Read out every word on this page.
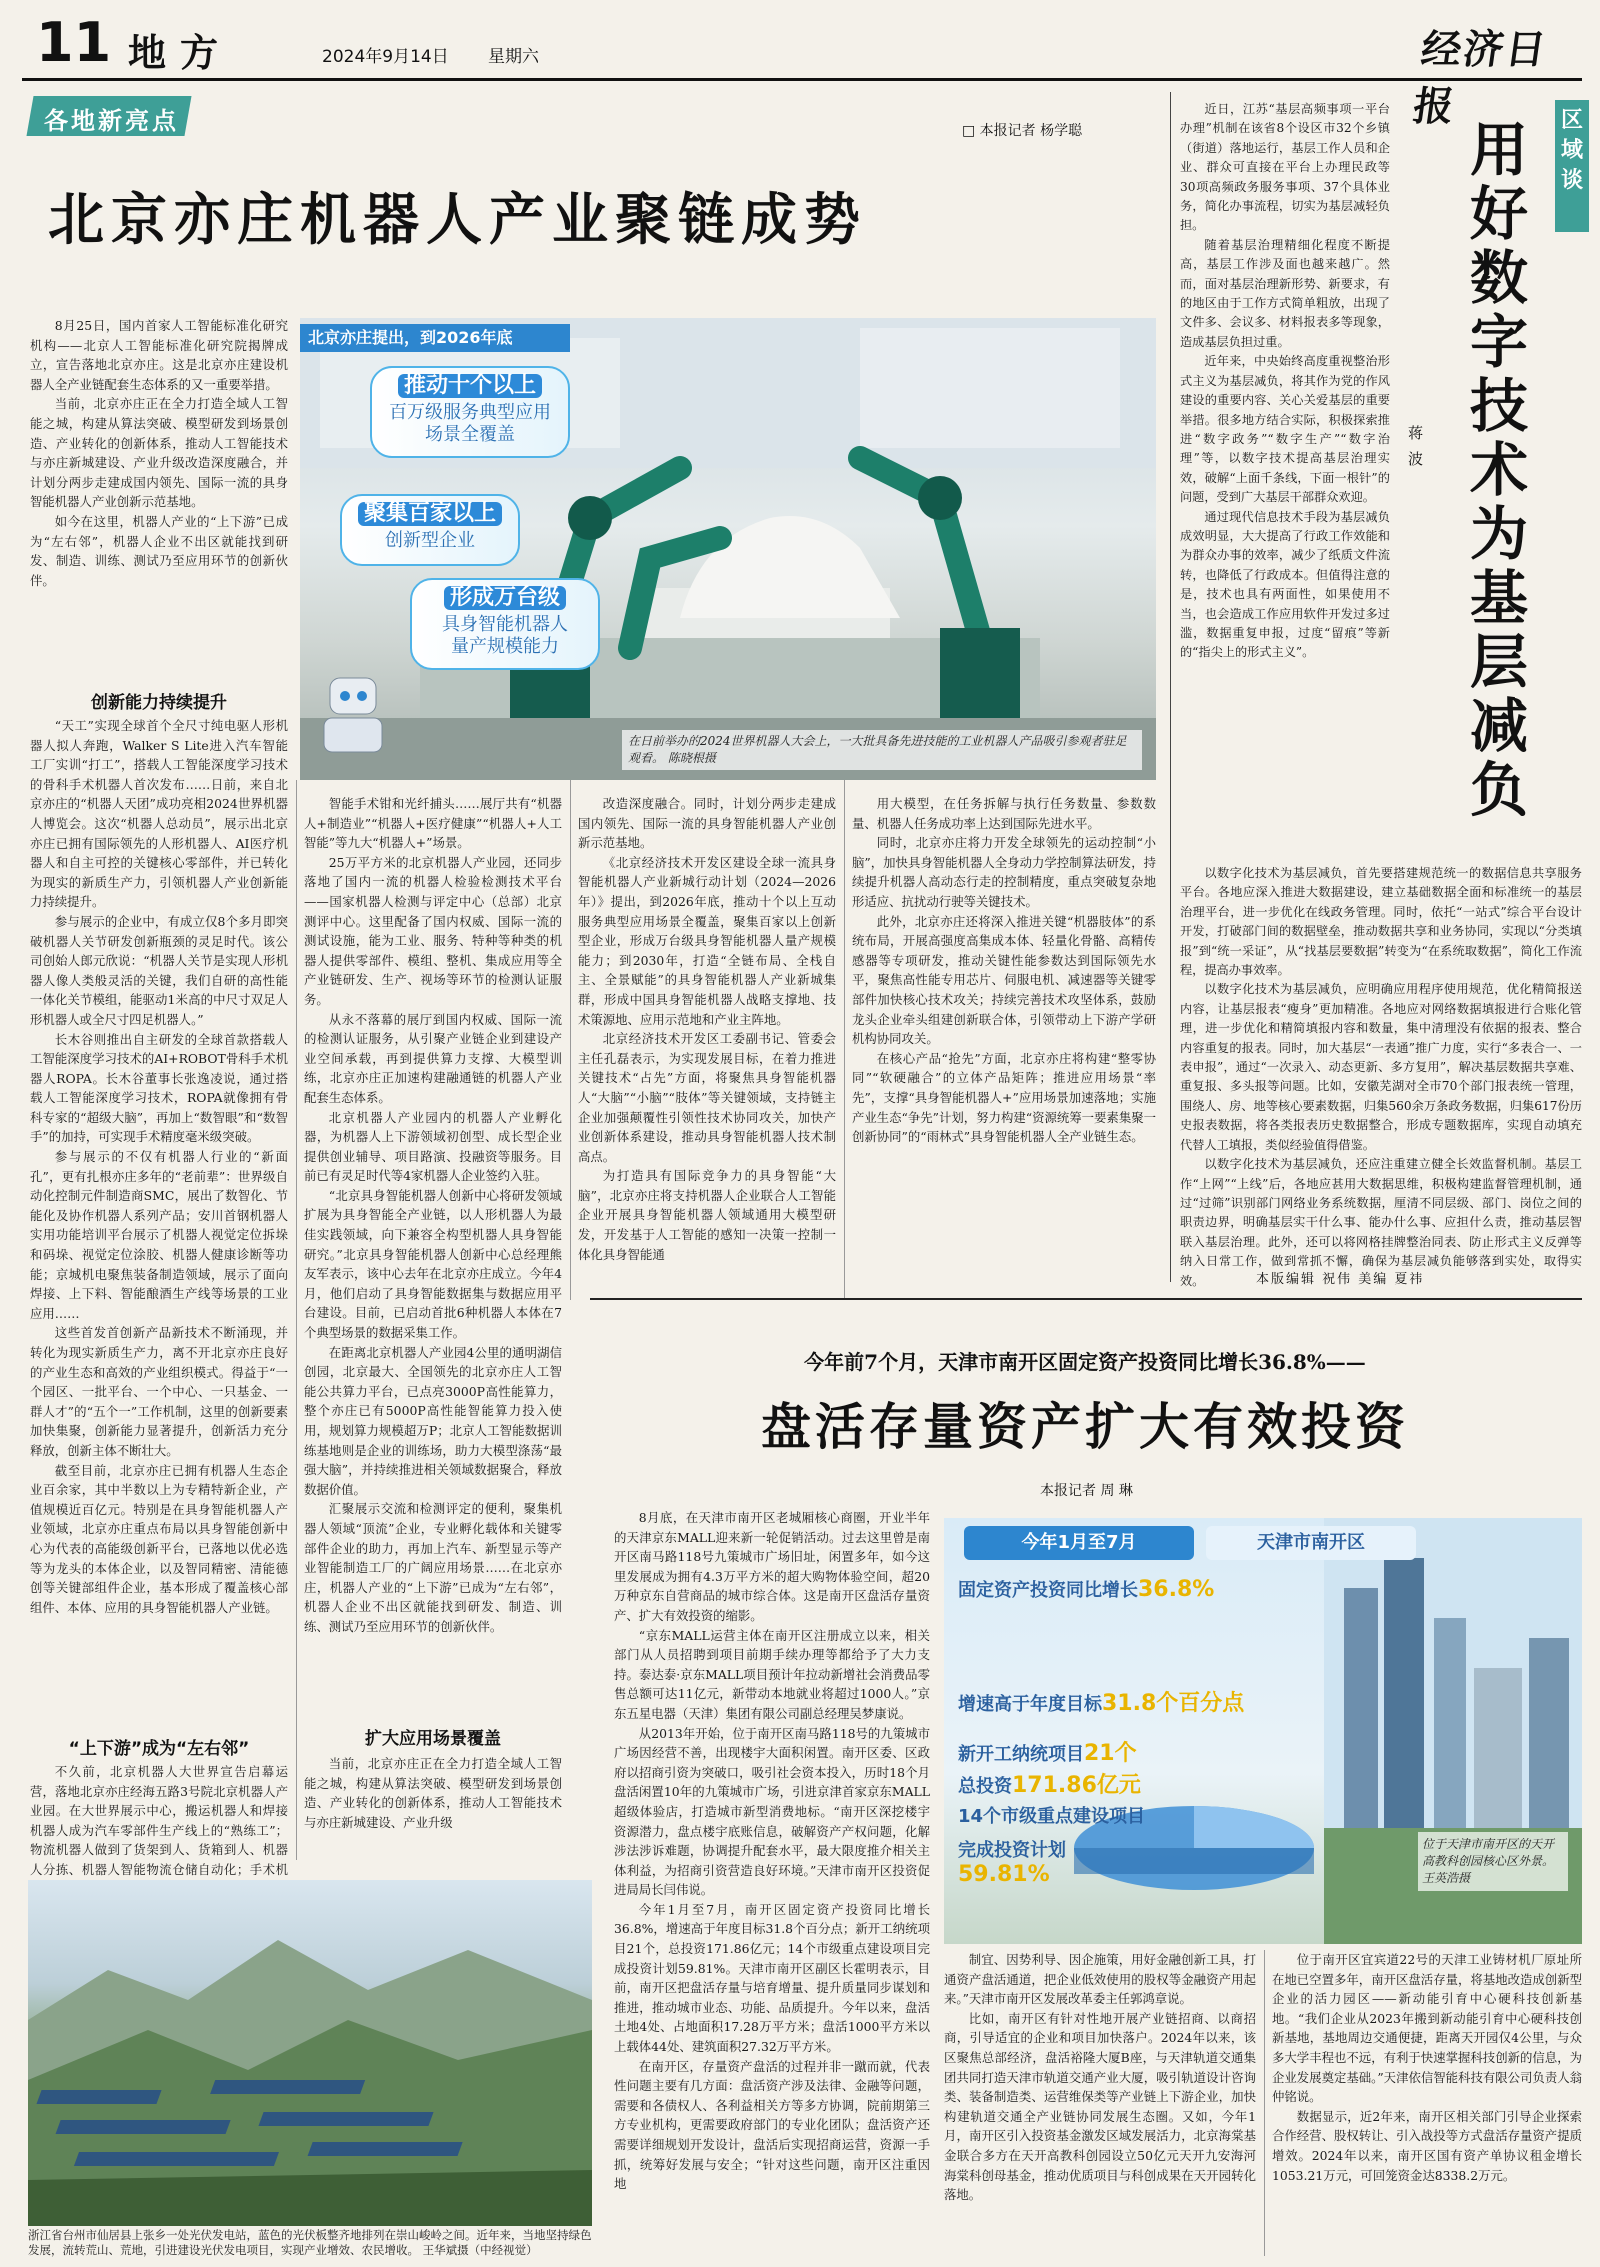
11 地方	2024年9月14日 星期六	经济日报
各地新亮点	□ 本报记者 杨学聪
北京亦庄机器人产业聚链成势
在日前举办的2024世界机器人大会上，一大批具备先进技能的工业机器人产品吸引参观者驻足观看。 陈晓根摄
北京亦庄提出，到2026年底
推动十个以上
百万级服务典型应用
场景全覆盖
聚集百家以上
创新型企业
形成万台级
具身智能机器人
量产规模能力

8月25日，国内首家人工智能标准化研究机构——北京人工智能标准化研究院揭牌成立，宣告落地北京亦庄。这是北京亦庄建设机器人全产业链配套生态体系的又一重要举措。

当前，北京亦庄正在全力打造全域人工智能之城，构建从算法突破、模型研发到场景创造、产业转化的创新体系，推动人工智能技术与亦庄新城建设、产业升级改造深度融合，并计划分两步走建成国内领先、国际一流的具身智能机器人产业创新示范基地。

如今在这里，机器人产业的“上下游”已成为“左右邻”，机器人企业不出区就能找到研发、制造、训练、测试乃至应用环节的创新伙伴。

创新能力持续提升

“天工”实现全球首个全尺寸纯电驱人形机器人拟人奔跑，Walker S Lite进入汽车智能工厂实训“打工”，搭载人工智能深度学习技术的骨科手术机器人首次发布……日前，来自北京亦庄的“机器人天团”成功亮相2024世界机器人博览会。这次“机器人总动员”，展示出北京亦庄已拥有国际领先的人形机器人、AI医疗机器人和自主可控的关键核心零部件，并已转化为现实的新质生产力，引领机器人产业创新能力持续提升。

参与展示的企业中，有成立仅8个多月即突破机器人关节研发创新瓶颈的灵足时代。该公司创始人郎元欣说：“机器人关节是实现人形机器人像人类般灵活的关键，我们自研的高性能一体化关节模组，能驱动1米高的中尺寸双足人形机器人或全尺寸四足机器人。”

长木谷则推出自主研发的全球首款搭载人工智能深度学习技术的AI+ROBOT骨科手术机器人ROPA。长木谷董事长张逸凌说，通过搭载人工智能深度学习技术，ROPA就像拥有骨科专家的“超级大脑”，再加上“数智眼”和“数智手”的加持，可实现手术精度毫米级突破。

参与展示的不仅有机器人行业的“新面孔”，更有扎根亦庄多年的“老前辈”：世界级自动化控制元件制造商SMC，展出了数智化、节能化及协作机器人系列产品；安川首钢机器人实用功能培训平台展示了机器人视觉定位拆垛和码垛、视觉定位涂胶、机器人健康诊断等功能；京城机电聚焦装备制造领域，展示了面向焊接、上下料、智能酿酒生产线等场景的工业应用……

这些首发首创新产品新技术不断涌现，并转化为现实新质生产力，离不开北京亦庄良好的产业生态和高效的产业组织模式。得益于“一个园区、一批平台、一个中心、一只基金、一群人才”的“五个一”工作机制，这里的创新要素加快集聚，创新能力显著提升，创新活力充分释放，创新主体不断壮大。

截至目前，北京亦庄已拥有机器人生态企业百余家，其中半数以上为专精特新企业，产值规模近百亿元。特别是在具身智能机器人产业领域，北京亦庄重点布局以具身智能创新中心为代表的高能级创新平台，已落地以优必选等为龙头的本体企业，以及智同精密、清能德创等关键部组件企业，基本形成了覆盖核心部组件、本体、应用的具身智能机器人产业链。

“上下游”成为“左右邻”

不久前，北京机器人大世界宣告启幕运营，落地北京亦庄经海五路3号院北京机器人产业园。在大世界展示中心，搬运机器人和焊接机器人成为汽车零部件生产线上的“熟练工”；物流机器人做到了货架到人、货箱到人、机器人分拣、机器人智能物流仓储自动化；手术机

智能手术钳和光纤捕头……展厅共有“机器人+制造业”“机器人+医疗健康”“机器人+人工智能”等九大“机器人+”场景。

25万平方米的北京机器人产业园，还同步落地了国内一流的机器人检验检测技术平台——国家机器人检测与评定中心（总部）北京测评中心。这里配备了国内权威、国际一流的测试设施，能为工业、服务、特种等种类的机器人提供零部件、模组、整机、集成应用等全产业链研发、生产、视场等环节的检测认证服务。

从永不落幕的展厅到国内权威、国际一流的检测认证服务，从引聚产业链企业到建设产业空间承载，再到提供算力支撑、大模型训练，北京亦庄正加速构建融通链的机器人产业配套生态体系。

北京机器人产业园内的机器人产业孵化器，为机器人上下游领域初创型、成长型企业提供创业辅导、项目路演、投融资等服务。目前已有灵足时代等4家机器人企业签约入驻。

“北京具身智能机器人创新中心将研发领域扩展为具身智能全产业链，以人形机器人为最佳实践领域，向下兼容全构型机器人具身智能研究。”北京具身智能机器人创新中心总经理熊友军表示，该中心去年在北京亦庄成立。今年4月，他们启动了具身智能数据集与数据应用平台建设。目前，已启动首批6种机器人本体在7个典型场景的数据采集工作。

在距离北京机器人产业园4公里的通明湖信创园，北京最大、全国领先的北京亦庄人工智能公共算力平台，已点亮3000P高性能算力，整个亦庄已有5000P高性能智能算力投入使用，规划算力规模超万P；北京人工智能数据训练基地则是企业的训练场，助力大模型涤荡“最强大脑”，并持续推进相关领域数据聚合，释放数据价值。

汇聚展示交流和检测评定的便利，聚集机器人领域“顶流”企业，专业孵化载体和关键零部件企业的助力，再加上汽车、新型显示等产业智能制造工厂的广阔应用场景……在北京亦庄，机器人产业的“上下游”已成为“左右邻”，机器人企业不出区就能找到研发、制造、训练、测试乃至应用环节的创新伙伴。

扩大应用场景覆盖

当前，北京亦庄正在全力打造全域人工智能之城，构建从算法突破、模型研发到场景创造、产业转化的创新体系，推动人工智能技术与亦庄新城建设、产业升级

改造深度融合。同时，计划分两步走建成国内领先、国际一流的具身智能机器人产业创新示范基地。

《北京经济技术开发区建设全球一流具身智能机器人产业新城行动计划（2024—2026年）》提出，到2026年底，推动十个以上互动服务典型应用场景全覆盖，聚集百家以上创新型企业，形成万台级具身智能机器人量产规模能力；到2030年，打造“全链布局、全栈自主、全景赋能”的具身智能机器人产业新城集群，形成中国具身智能机器人战略支撑地、技术策源地、应用示范地和产业主阵地。

北京经济技术开发区工委副书记、管委会主任孔磊表示，为实现发展目标，在着力推进关键技术“占先”方面，将聚焦具身智能机器人“大脑”“小脑”“肢体”等关键领域，支持链主企业加强颠覆性引领性技术协同攻关，加快产业创新体系建设，推动具身智能机器人技术制高点。

为打造具有国际竞争力的具身智能“大脑”，北京亦庄将支持机器人企业联合人工智能企业开展具身智能机器人领域通用大模型研发，开发基于人工智能的感知一决策一控制一体化具身智能通

用大模型，在任务拆解与执行任务数量、参数数量、机器人任务成功率上达到国际先进水平。

同时，北京亦庄将力开发全球领先的运动控制“小脑”，加快具身智能机器人全身动力学控制算法研发，持续提升机器人高动态行走的控制精度，重点突破复杂地形适应、抗扰动行驶等关键技术。

此外，北京亦庄还将深入推进关键“机器肢体”的系统布局，开展高强度高集成本体、轻量化骨骼、高精传感器等专项研发，推动关键性能参数达到国际领先水平，聚焦高性能专用芯片、伺服电机、减速器等关键零部件加快核心技术攻关；持续完善技术攻坚体系，鼓励龙头企业牵头组建创新联合体，引领带动上下游产学研机构协同攻关。

在核心产品“抢先”方面，北京亦庄将构建“整零协同”“软硬融合”的立体产品矩阵；推进应用场景“率先”，支撑“具身智能机器人+”应用场景加速落地；实施产业生态“争先”计划，努力构建“资源统筹一要素集聚一创新协同”的“雨林式”具身智能机器人全产业链生态。

区域谈
用好数字技术为基层减负
蒋 波

近日，江苏“基层高频事项一平台办理”机制在该省8个设区市32个乡镇（街道）落地运行，基层工作人员和企业、群众可直接在平台上办理民政等30项高频政务服务事项、37个具体业务，简化办事流程，切实为基层减轻负担。

随着基层治理精细化程度不断提高，基层工作涉及面也越来越广。然而，面对基层治理新形势、新要求，有的地区由于工作方式简单粗放，出现了文件多、会议多、材料报表多等现象，造成基层负担过重。

近年来，中央始终高度重视整治形式主义为基层减负，将其作为党的作风建设的重要内容、关心关爱基层的重要举措。很多地方结合实际，积极探索推进“数字政务”“数字生产”“数字治理”等，以数字技术提高基层治理实效，破解“上面千条线，下面一根针”的问题，受到广大基层干部群众欢迎。

通过现代信息技术手段为基层减负成效明显，大大提高了行政工作效能和为群众办事的效率，减少了纸质文件流转，也降低了行政成本。但值得注意的是，技术也具有两面性，如果使用不当，也会造成工作应用软件开发过多过滥，数据重复申报，过度“留痕”等新的“指尖上的形式主义”。

以数字化技术为基层减负，首先要搭建规范统一的数据信息共享服务平台。各地应深入推进大数据建设，建立基础数据全面和标准统一的基层治理平台，进一步优化在线政务管理。同时，依托“一站式”综合平台设计开发，打破部门间的数据壁垒，推动数据共享和业务协同，实现以“分类填报”到“统一采证”，从“找基层要数据”转变为“在系统取数据”，简化工作流程，提高办事效率。

以数字化技术为基层减负，应明确应用程序使用规范，优化精简报送内容，让基层报表“瘦身”更加精准。各地应对网络数据填报进行合账化管理，进一步优化和精简填报内容和数量，集中清理没有依据的报表、整合内容重复的报表。同时，加大基层“一表通”推广力度，实行“多表合一、一表申报”，通过“一次录入、动态更新、多方复用”，解决基层数据共享难、重复报、多头报等问题。比如，安徽芜湖对全市70个部门报表统一管理，围绕人、房、地等核心要素数据，归集560余万条政务数据，归集617份历史报表数据，将各类报表历史数据整合，形成专题数据库，实现自动填充代替人工填报，类似经验值得借鉴。

以数字化技术为基层减负，还应注重建立健全长效监督机制。基层工作“上网”“上线”后，各地应甚用大数据思维，积极构建监督管理机制，通过“过筛”识别部门网络业务系统数据，厘清不同层级、部门、岗位之间的职责边界，明确基层实干什么事、能办什么事、应担什么责，推动基层智联入基层治理。此外，还可以将网格挂牌整治同表、防止形式主义反弹等纳入日常工作，做到常抓不懈，确保为基层减负能够落到实处，取得实效。	本版编辑 祝伟 美编 夏祎
今年前7个月，天津市南开区固定资产投资同比增长36.8%——
盘活存量资产扩大有效投资
本报记者 周 琳

8月底，在天津市南开区老城厢核心商圈，开业半年的天津京东MALL迎来新一轮促销活动。过去这里曾是南开区南马路118号九策城市广场旧址，闲置多年，如今这里发展成为拥有4.3万平方米的超大购物体验空间，超20万种京东自营商品的城市综合体。这是南开区盘活存量资产、扩大有效投资的缩影。

“京东MALL运营主体在南开区注册成立以来，相关部门从人员招聘到项目前期手续办理等都给予了大力支持。泰达泰·京东MALL项目预计年拉动新增社会消费品零售总额可达11亿元，新带动本地就业将超过1000人。”京东五星电器（天津）集团有限公司副总经理吴梦康说。

从2013年开始，位于南开区南马路118号的九策城市广场因经营不善，出现楼宇大面积闲置。南开区委、区政府以招商引资为突破口，吸引社会资本投入，历时18个月盘活闲置10年的九策城市广场，引进京津首家京东MALL超级体验店，打造城市新型消费地标。“南开区深挖楼宇资源潜力，盘点楼宇底账信息，破解资产产权问题，化解涉法涉诉难题，协调提升配套水平，最大限度推介相关主体利益，为招商引资营造良好环境。”天津市南开区投资促进局局长闫伟说。

今年1月至7月，南开区固定资产投资同比增长36.8%，增速高于年度目标31.8个百分点；新开工纳统项目21个，总投资171.86亿元；14个市级重点建设项目完成投资计划59.81%。天津市南开区副区长霍明表示，目前，南开区把盘活存量与培育增量、提升质量同步谋划和推进，推动城市业态、功能、品质提升。今年以来，盘活土地4处、占地面积17.28万平方米；盘活1000平方米以上载体44处、建筑面积27.32万平方米。

在南开区，存量资产盘活的过程并非一蹴而就，代表性问题主要有几方面：盘活资产涉及法律、金融等问题，需要和各债权人、各利益相关方等多方协调，院前期第三方专业机构，更需要政府部门的专业化团队；盘活资产还需要详细规划开发设计，盘活后实现招商运营，资源一手抓，统筹好发展与安全；“针对这些问题，南开区注重因地

今年1月至7月	天津市南开区
固定资产投资同比增长36.8%
增速高于年度目标31.8个百分点
新开工纳统项目21个
总投资171.86亿元
14个市级重点建设项目
完成投资计划
59.81%
位于天津市南开区的天开高教科创园核心区外景。 王英浩摄

制宜、因势利导、因企施策，用好金融创新工具，打通资产盘活通道，把企业低效使用的股权等金融资产用起来。”天津市南开区发展改革委主任郭鸿章说。

比如，南开区有针对性地开展产业链招商、以商招商，引导适宜的企业和项目加快落户。2024年以来，该区聚焦总部经济，盘活裕隆大厦B座，与天津轨道交通集团共同打造天津市轨道交通产业大厦，吸引轨道设计咨询类、装备制造类、运营维保类等产业链上下游企业，加快构建轨道交通全产业链协同发展生态圈。又如，今年1月，南开区引入投资基金激发区域发展活力，北京海棠基金联合多方在天开高教科创园设立50亿元天开九安海河海棠科创母基金，推动优质项目与科创成果在天开园转化落地。

位于南开区宜宾道22号的天津工业铸材机厂原址所在地已空置多年，南开区盘活存量，将基地改造成创新型企业的活力园区——新动能引育中心硬科技创新基地。“我们企业从2023年搬到新动能引育中心硬科技创新基地，基地周边交通便捷，距离天开园仅4公里，与众多大学丰程也不远，有利于快速掌握科技创新的信息，为企业发展奠定基础。”天津依信智能科技有限公司负责人翁仲铭说。

数据显示，近2年来，南开区相关部门引导企业探索合作经营、股权转让、引入战投等方式盘活存量资产提质增效。2024年以来，南开区国有资产单协议租金增长1053.21万元，可回笼资金达8338.2万元。

浙江省台州市仙居县上张乡一处光伏发电站，蓝色的光伏板整齐地排列在崇山峻岭之间。近年来，当地坚持绿色发展，流转荒山、荒地，引进建设光伏发电项目，实现产业增效、农民增收。 王华斌摄（中经视觉）
